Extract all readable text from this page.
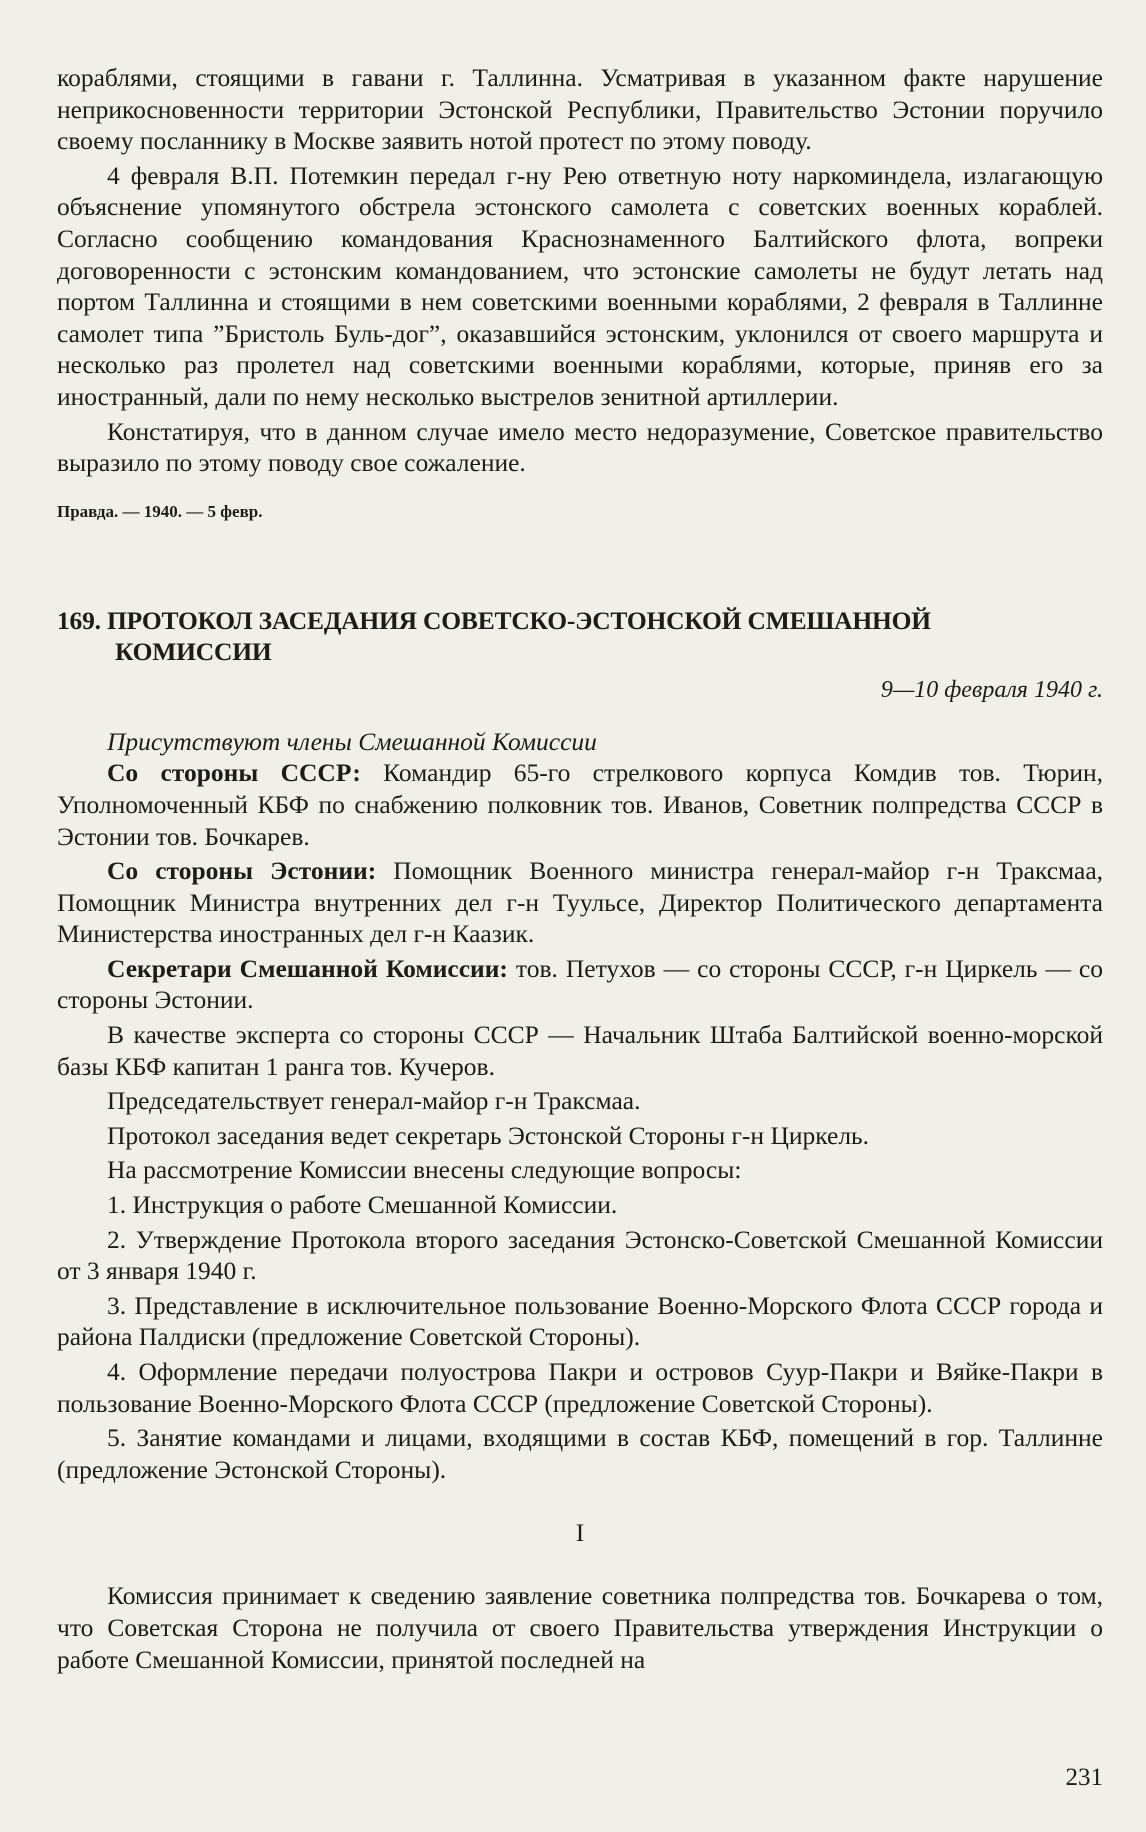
кораблями, стоящими в гавани г. Таллинна. Усматривая в указанном факте нарушение неприкосновенности территории Эстонской Республики, Правительство Эстонии поручило своему посланнику в Москве заявить нотой протест по этому поводу.

4 февраля В.П. Потемкин передал г-ну Рею ответную ноту наркоминдела, излагающую объяснение упомянутого обстрела эстонского самолета с советских военных кораблей. Согласно сообщению командования Краснознаменного Балтийского флота, вопреки договоренности с эстонским командованием, что эстонские самолеты не будут летать над портом Таллинна и стоящими в нем советскими военными кораблями, 2 февраля в Таллинне самолет типа ”Бристоль Буль-дог”, оказавшийся эстонским, уклонился от своего маршрута и несколько раз пролетел над советскими военными кораблями, которые, приняв его за иностранный, дали по нему несколько выстрелов зенитной артиллерии.

Констатируя, что в данном случае имело место недоразумение, Советское правительство выразило по этому поводу свое сожаление.

Правда. — 1940. — 5 февр.

169. ПРОТОКОЛ ЗАСЕДАНИЯ СОВЕТСКО-ЭСТОНСКОЙ СМЕШАННОЙ КОМИССИИ
9—10 февраля 1940 г.
Присутствуют члены Смешанной Комиссии

Со стороны СССР: Командир 65-го стрелкового корпуса Комдив тов. Тюрин, Уполномоченный КБФ по снабжению полковник тов. Иванов, Советник полпредства СССР в Эстонии тов. Бочкарев.

Со стороны Эстонии: Помощник Военного министра генерал-майор г-н Траксмаа, Помощник Министра внутренних дел г-н Туульсе, Директор Политического департамента Министерства иностранных дел г-н Каазик.

Секретари Смешанной Комиссии: тов. Петухов — со стороны СССР, г-н Циркель — со стороны Эстонии.

В качестве эксперта со стороны СССР — Начальник Штаба Балтийской военно-морской базы КБФ капитан 1 ранга тов. Кучеров.

Председательствует генерал-майор г-н Траксмаа.

Протокол заседания ведет секретарь Эстонской Стороны г-н Циркель.

На рассмотрение Комиссии внесены следующие вопросы:

1. Инструкция о работе Смешанной Комиссии.

2. Утверждение Протокола второго заседания Эстонско-Советской Смешанной Комиссии от 3 января 1940 г.

3. Представление в исключительное пользование Военно-Морского Флота СССР города и района Палдиски (предложение Советской Стороны).

4. Оформление передачи полуострова Пакри и островов Суур-Пакри и Вяйке-Пакри в пользование Военно-Морского Флота СССР (предложение Советской Стороны).

5. Занятие командами и лицами, входящими в состав КБФ, помещений в гор. Таллинне (предложение Эстонской Стороны).

I

Комиссия принимает к сведению заявление советника полпредства тов. Бочкарева о том, что Советская Сторона не получила от своего Правительства утверждения Инструкции о работе Смешанной Комиссии, принятой последней на

231
